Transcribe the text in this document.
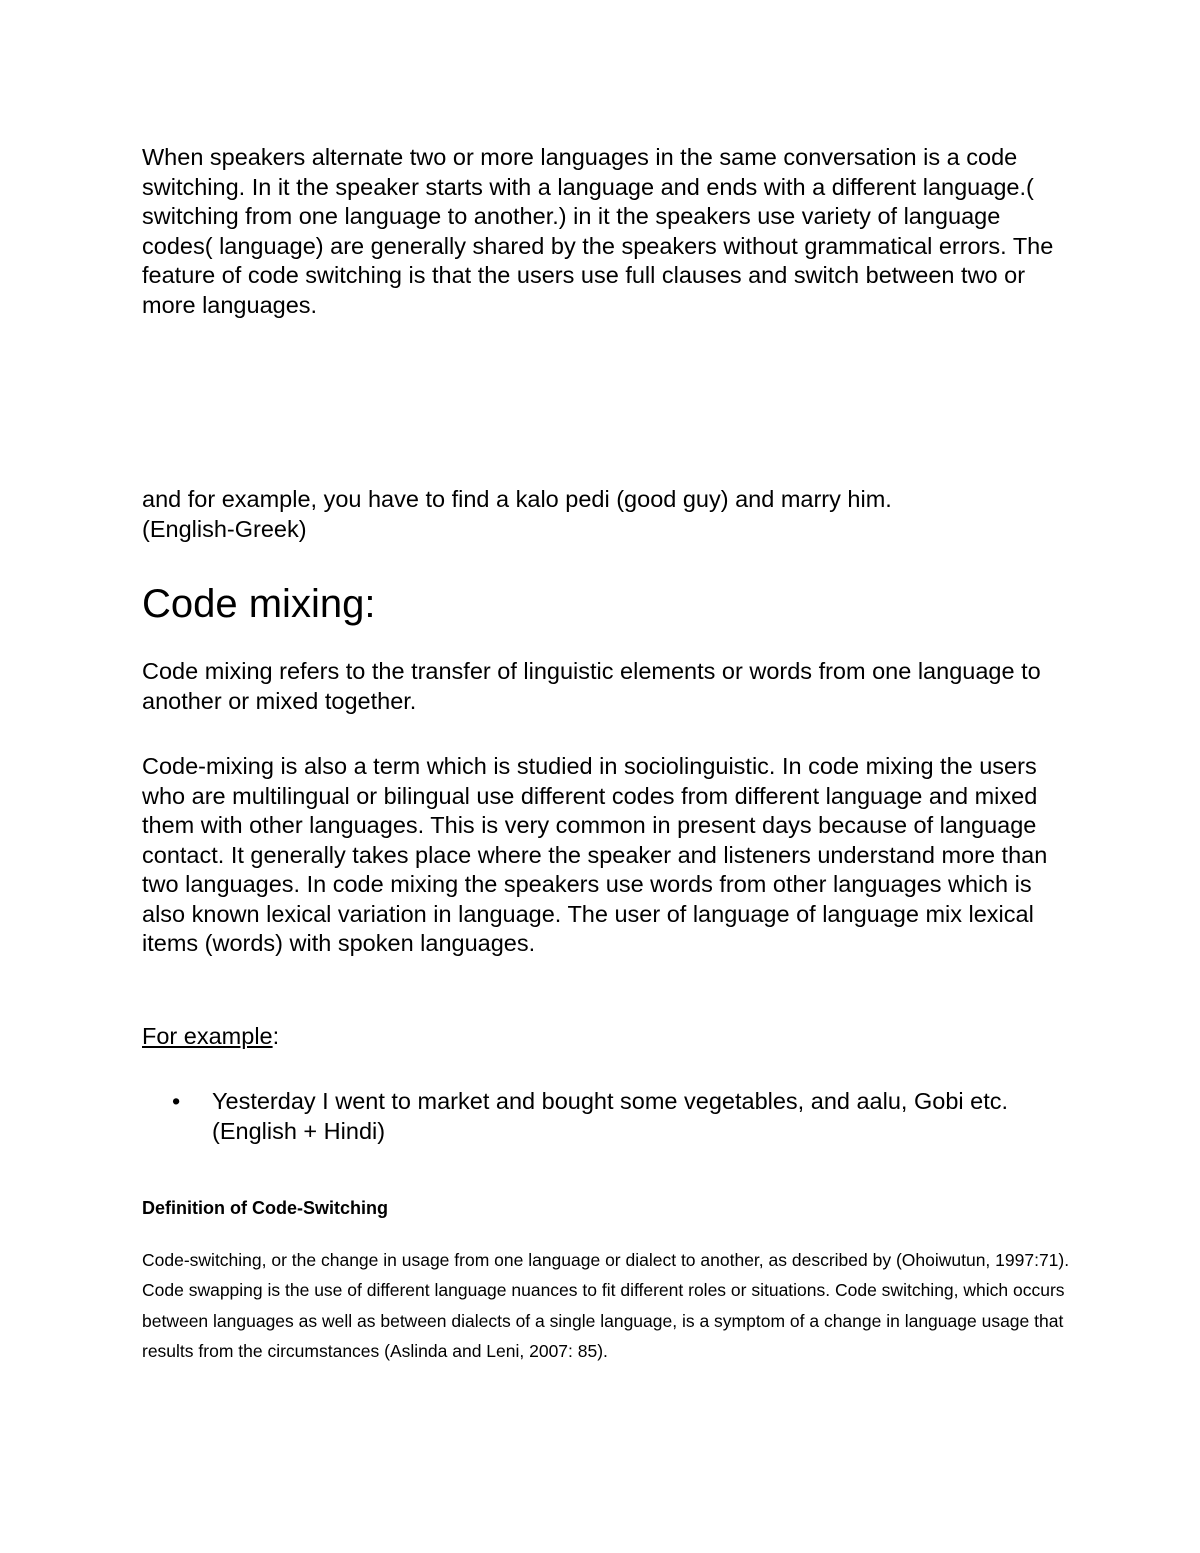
When speakers alternate two or more languages in the same conversation is a code switching. In it the speaker starts with a language and ends with a different language.( switching from one language to another.) in it the speakers use variety of language codes( language) are generally shared by the speakers without grammatical errors. The feature of code switching is that the users use full clauses and switch between two or more languages.

and for example, you have to find a kalo pedi (good guy) and marry him.
(English-Greek)

Code mixing:

Code mixing refers to the transfer of linguistic elements or words from one language to another or mixed together.

Code-mixing is also a term which is studied in sociolinguistic. In code mixing the users who are multilingual or bilingual use different codes from different language and mixed them with other languages. This is very common in present days because of language contact. It generally takes place where the speaker and listeners understand more than two languages. In code mixing the speakers use words from other languages which is also known lexical variation in language. The user of language of language mix lexical items (words) with spoken languages.

For example:

• Yesterday I went to market and bought some vegetables, and aalu, Gobi etc. (English + Hindi)
Definition of Code-Switching

Code-switching, or the change in usage from one language or dialect to another, as described by (Ohoiwutun, 1997:71). Code swapping is the use of different language nuances to fit different roles or situations. Code switching, which occurs between languages as well as between dialects of a single language, is a symptom of a change in language usage that results from the circumstances (Aslinda and Leni, 2007: 85).
